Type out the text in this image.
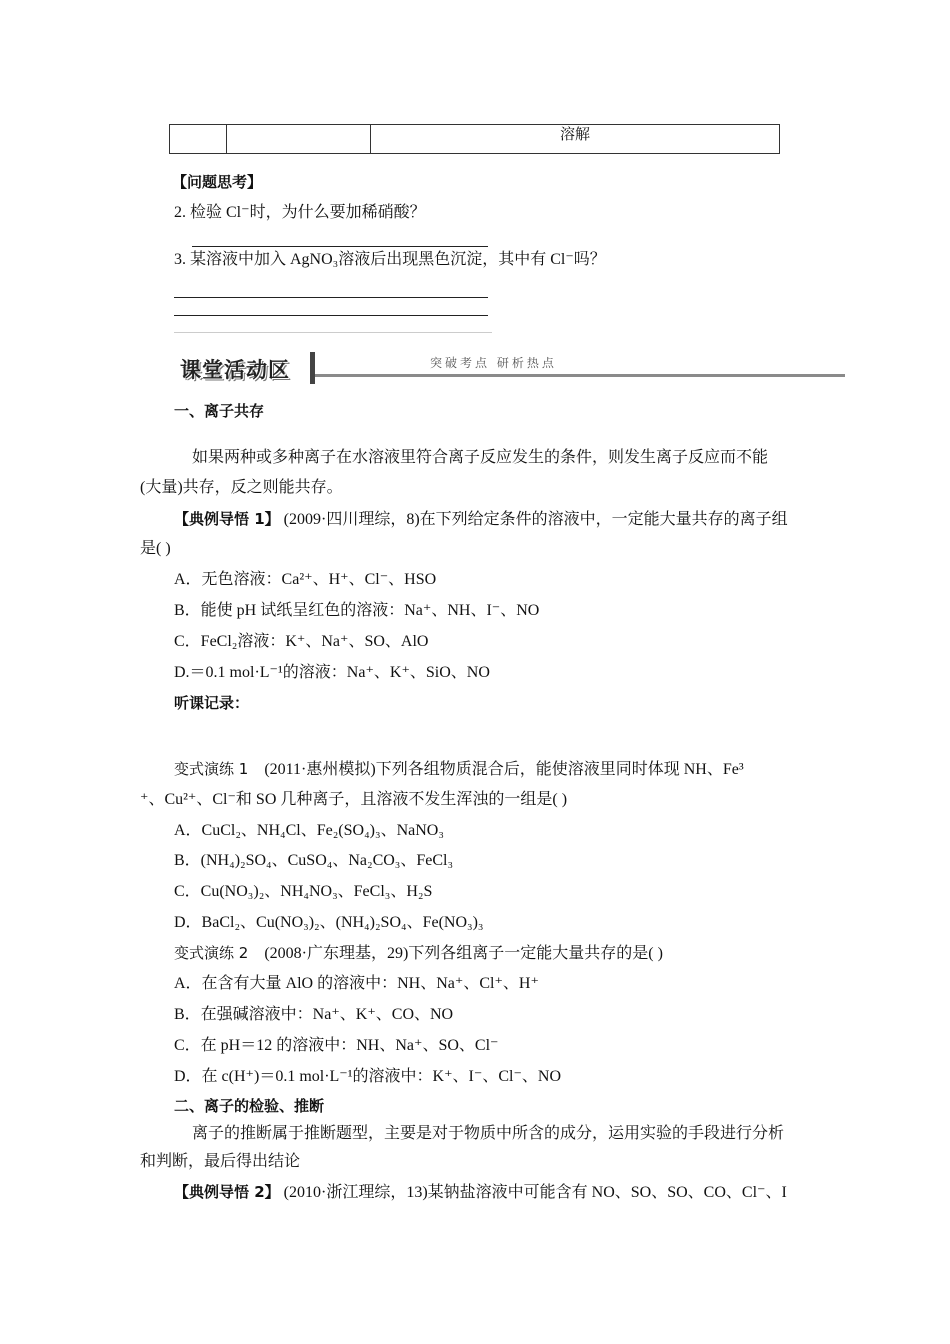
溶解
【问题思考】
2. 检验 Cl⁻时，为什么要加稀硝酸？
3. 某溶液中加入 AgNO₃溶液后出现黑色沉淀，其中有 Cl⁻吗？
课堂活动区	突破考点 研析热点
一、离子共存
如果两种或多种离子在水溶液里符合离子反应发生的条件，则发生离子反应而不能
(大量)共存，反之则能共存。
【典例导悟 1】 (2009·四川理综，8)在下列给定条件的溶液中，一定能大量共存的离子组
是( )
A．无色溶液：Ca²⁺、H⁺、Cl⁻、HSO
B．能使 pH 试纸呈红色的溶液：Na⁺、NH、I⁻、NO
C．FeCl₂溶液：K⁺、Na⁺、SO、AlO
D.＝0.1 mol·L⁻¹的溶液：Na⁺、K⁺、SiO、NO
听课记录：
变式演练 1 (2011·惠州模拟)下列各组物质混合后，能使溶液里同时体现 NH、Fe³
⁺、Cu²⁺、Cl⁻和 SO 几种离子，且溶液不发生浑浊的一组是( )
A．CuCl₂、NH₄Cl、Fe₂(SO₄)₃、NaNO₃
B．(NH₄)₂SO₄、CuSO₄、Na₂CO₃、FeCl₃
C．Cu(NO₃)₂、NH₄NO₃、FeCl₃、H₂S
D．BaCl₂、Cu(NO₃)₂、(NH₄)₂SO₄、Fe(NO₃)₃
变式演练 2 (2008·广东理基，29)下列各组离子一定能大量共存的是( )
A．在含有大量 AlO 的溶液中：NH、Na⁺、Cl⁺、H⁺
B．在强碱溶液中：Na⁺、K⁺、CO、NO
C．在 pH＝12 的溶液中：NH、Na⁺、SO、Cl⁻
D．在 c(H⁺)＝0.1 mol·L⁻¹的溶液中：K⁺、I⁻、Cl⁻、NO
二、离子的检验、推断
离子的推断属于推断题型，主要是对于物质中所含的成分，运用实验的手段进行分析
和判断，最后得出结论
【典例导悟 2】 (2010·浙江理综，13)某钠盐溶液中可能含有 NO、SO、SO、CO、Cl⁻、I
